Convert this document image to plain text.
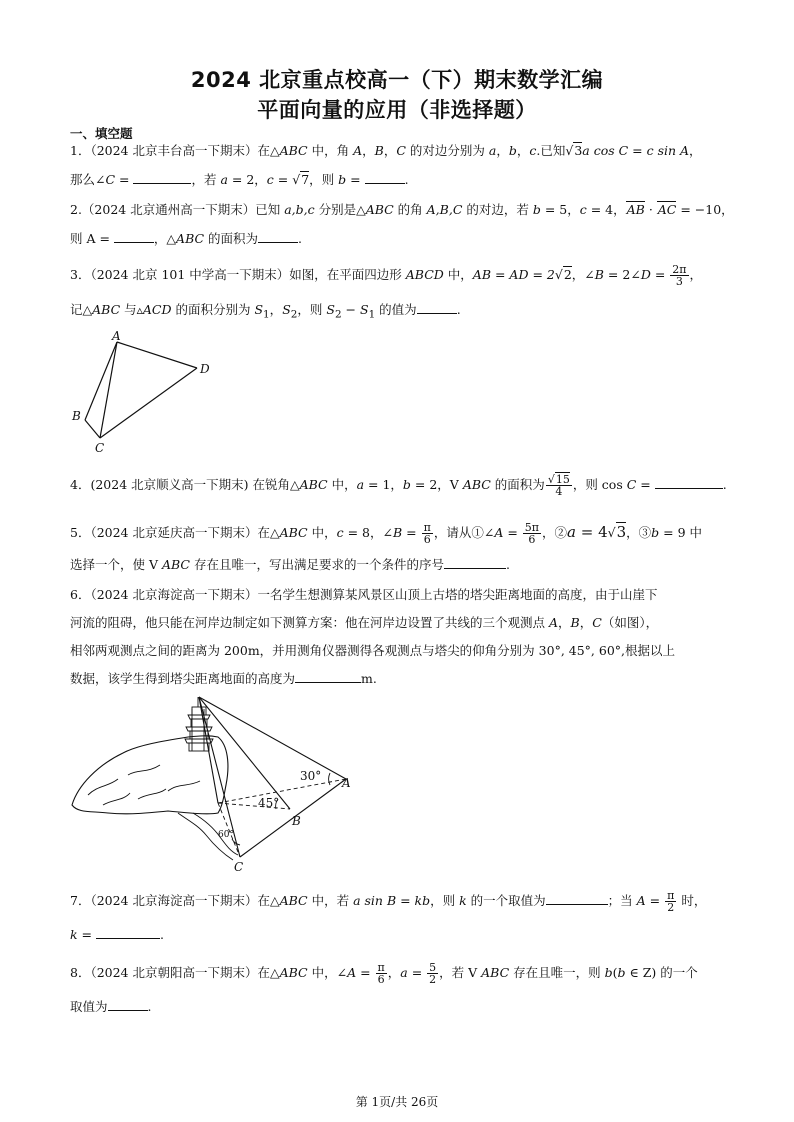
2024 北京重点校高一（下）期末数学汇编
平面向量的应用（非选择题）
一、填空题
1．（2024 北京丰台高一下期末）在△ABC 中，角 A，B，C 的对边分别为 a，b，c.已知√3a cos C = c sin A，
那么∠C =	，若 a = 2，c = √7，则 b =	.
2.（2024 北京通州高一下期末）已知 a,b,c 分别是△ABC 的角 A,B,C 的对边，若 b = 5，c = 4，AB · AC = −10，
则 A =	，△ABC 的面积为	.
3．（2024 北京 101 中学高一下期末）如图，在平面四边形 ABCD 中，AB = AD = 2√2，∠B = 2∠D = $\frac{2\pi}{3}$ ，
记△ABC 与▵ACD 的面积分别为 $S_1$，$S_2$，则 $S_2 - S_1$ 的值为	.
A
B
C
D
4．(2024 北京顺义高一下期末) 在锐角△ABC 中，a = 1，b = 2，V ABC 的面积为 $\frac{√15}{4}$ ，则 cos C =	.
5．（2024 北京延庆高一下期末）在△ABC 中，c = 8，∠B = $\frac{\pi}{6}$ ，请从①∠A = $\frac{5\pi}{6}$ ，②a = 4√3，③b = 9 中
选择一个，使 V ABC 存在且唯一，写出满足要求的一个条件的序号	.
6．（2024 北京海淀高一下期末）一名学生想测算某风景区山顶上古塔的塔尖距离地面的高度，由于山崖下
河流的阻碍，他只能在河岸边制定如下测算方案：他在河岸边设置了共线的三个观测点 A，B，C（如图），
相邻两观测点之间的距离为 200m，并用测角仪器测得各观测点与塔尖的仰角分别为 30°, 45°, 60°,根据以上
数据，该学生得到塔尖距离地面的高度为	m.
30°
45°
60°
A
B
C
7．（2024 北京海淀高一下期末）在△ABC 中，若 a sin B = kb，则 k 的一个取值为	；当 $A = \frac{\pi}{2}$ 时，
k =	.
8．（2024 北京朝阳高一下期末）在△ABC 中，∠A = $\frac{\pi}{6}$ ，$a = \frac{5}{2}$ ，若 V ABC 存在且唯一，则 b(b ∈ Z) 的一个
取值为	.
第 1页/共 26页
